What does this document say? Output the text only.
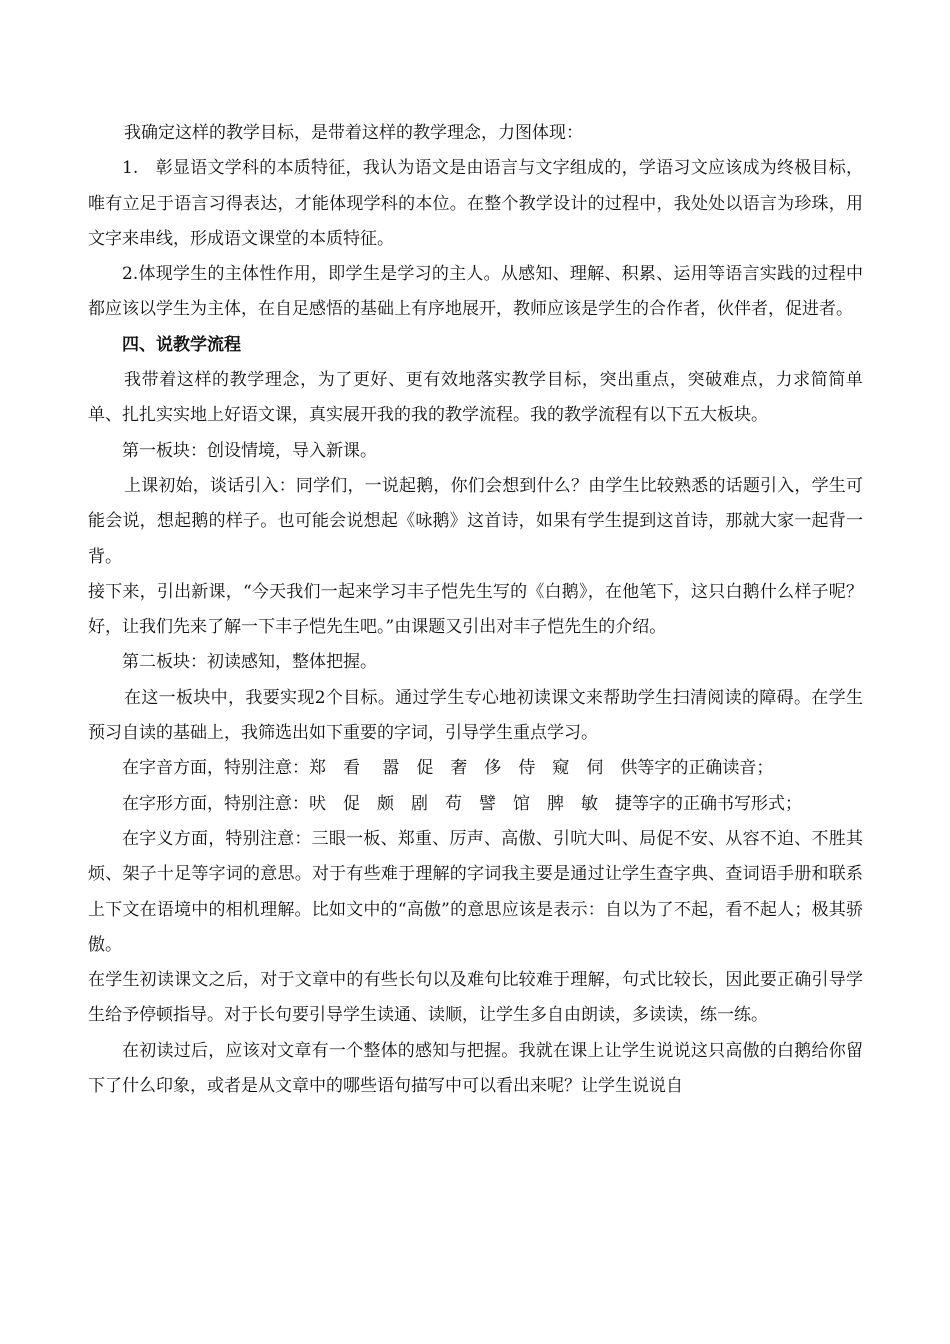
我确定这样的教学目标，是带着这样的教学理念，力图体现：

1.　彰显语文学科的本质特征，我认为语文是由语言与文字组成的，学语习文应该成为终极目标，唯有立足于语言习得表达，才能体现学科的本位。在整个教学设计的过程中，我处处以语言为珍珠，用文字来串线，形成语文课堂的本质特征。

2.体现学生的主体性作用，即学生是学习的主人。从感知、理解、积累、运用等语言实践的过程中都应该以学生为主体，在自足感悟的基础上有序地展开，教师应该是学生的合作者，伙伴者，促进者。

四、说教学流程

我带着这样的教学理念，为了更好、更有效地落实教学目标，突出重点，突破难点，力求简简单单、扎扎实实地上好语文课，真实展开我的我的教学流程。我的教学流程有以下五大板块。

第一板块：创设情境，导入新课。

上课初始，谈话引入：同学们，一说起鹅，你们会想到什么？由学生比较熟悉的话题引入，学生可能会说，想起鹅的样子。也可能会说想起《咏鹅》这首诗，如果有学生提到这首诗，那就大家一起背一背。

接下来，引出新课，“今天我们一起来学习丰子恺先生写的《白鹅》，在他笔下，这只白鹅什么样子呢？好，让我们先来了解一下丰子恺先生吧。”由课题又引出对丰子恺先生的介绍。

第二板块：初读感知，整体把握。

在这一板块中，我要实现2个目标。通过学生专心地初读课文来帮助学生扫清阅读的障碍。在学生预习自读的基础上，我筛选出如下重要的字词，引导学生重点学习。

在字音方面，特别注意：郑　看　 嚣　促　奢　侈　侍　窥　伺　供等字的正确读音；

在字形方面，特别注意：吠　促　颇　剧　苟　譬　馆　脾　敏　捷等字的正确书写形式；

在字义方面，特别注意：三眼一板、郑重、厉声、高傲、引吭大叫、局促不安、从容不迫、不胜其烦、架子十足等字词的意思。对于有些难于理解的字词我主要是通过让学生查字典、查词语手册和联系上下文在语境中的相机理解。比如文中的“高傲”的意思应该是表示：自以为了不起，看不起人；极其骄傲。

在学生初读课文之后，对于文章中的有些长句以及难句比较难于理解，句式比较长，因此要正确引导学生给予停顿指导。对于长句要引导学生读通、读顺，让学生多自由朗读，多读读，练一练。

在初读过后，应该对文章有一个整体的感知与把握。我就在课上让学生说说这只高傲的白鹅给你留下了什么印象，或者是从文章中的哪些语句描写中可以看出来呢？让学生说说自
